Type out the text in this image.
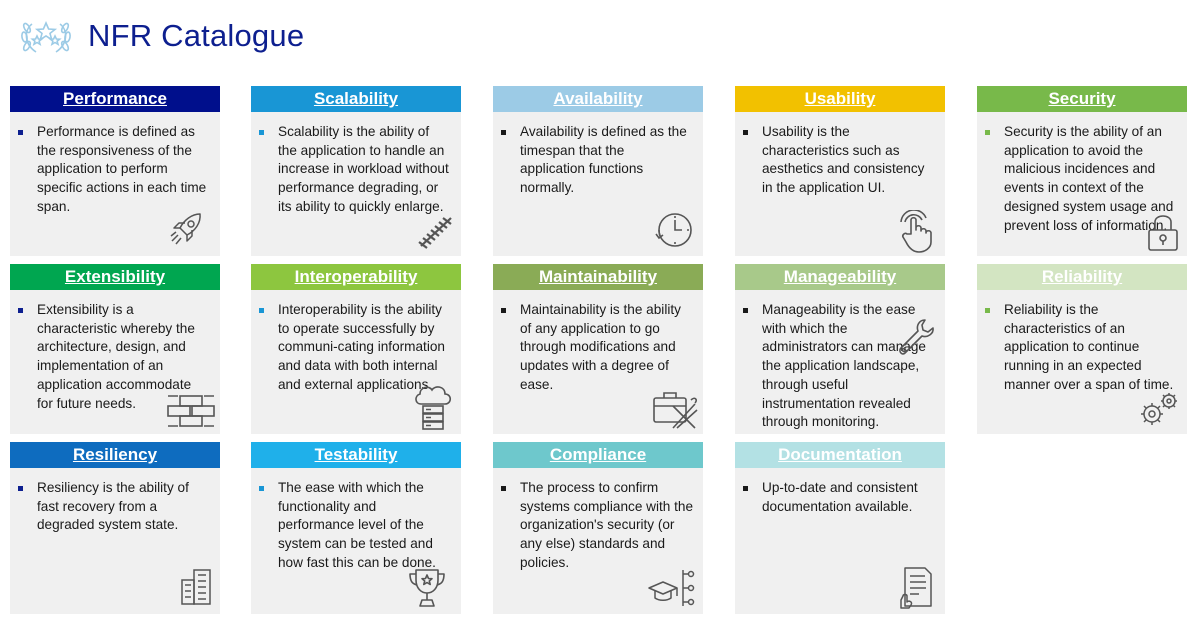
NFR Catalogue
Performance
Performance is defined as the responsiveness of the application to perform specific actions in each time span.
Scalability
Scalability is the ability of the application to handle an increase in workload without performance degrading, or its ability to quickly enlarge.
Availability
Availability is defined as the timespan that the application functions normally.
Usability
Usability is the characteristics such as aesthetics and consistency in the application UI.
Security
Security is the ability of an application to avoid the malicious incidences and events in context of the designed system usage and prevent loss of information.
Extensibility
Extensibility is a characteristic whereby the architecture, design, and implementation of an application accommodate for future needs.
Interoperability
Interoperability is the ability to operate successfully by communi-cating information and data with both internal and external applications.
Maintainability
Maintainability is the ability of any application to go through modifications and updates with a degree of ease.
Manageability
Manageability is the ease with which the administrators can manage the application landscape, through useful instrumentation revealed through monitoring.
Reliability
Reliability is the characteristics of an application to continue running in an expected manner over a span of time.
Resiliency
Resiliency is the ability of fast recovery from a degraded system state.
Testability
The ease with which the functionality and performance level of the system can be tested and how fast this can be done.
Compliance
The process to confirm systems compliance with the organization's security (or any else) standards and policies.
Documentation
Up-to-date and consistent documentation available.
